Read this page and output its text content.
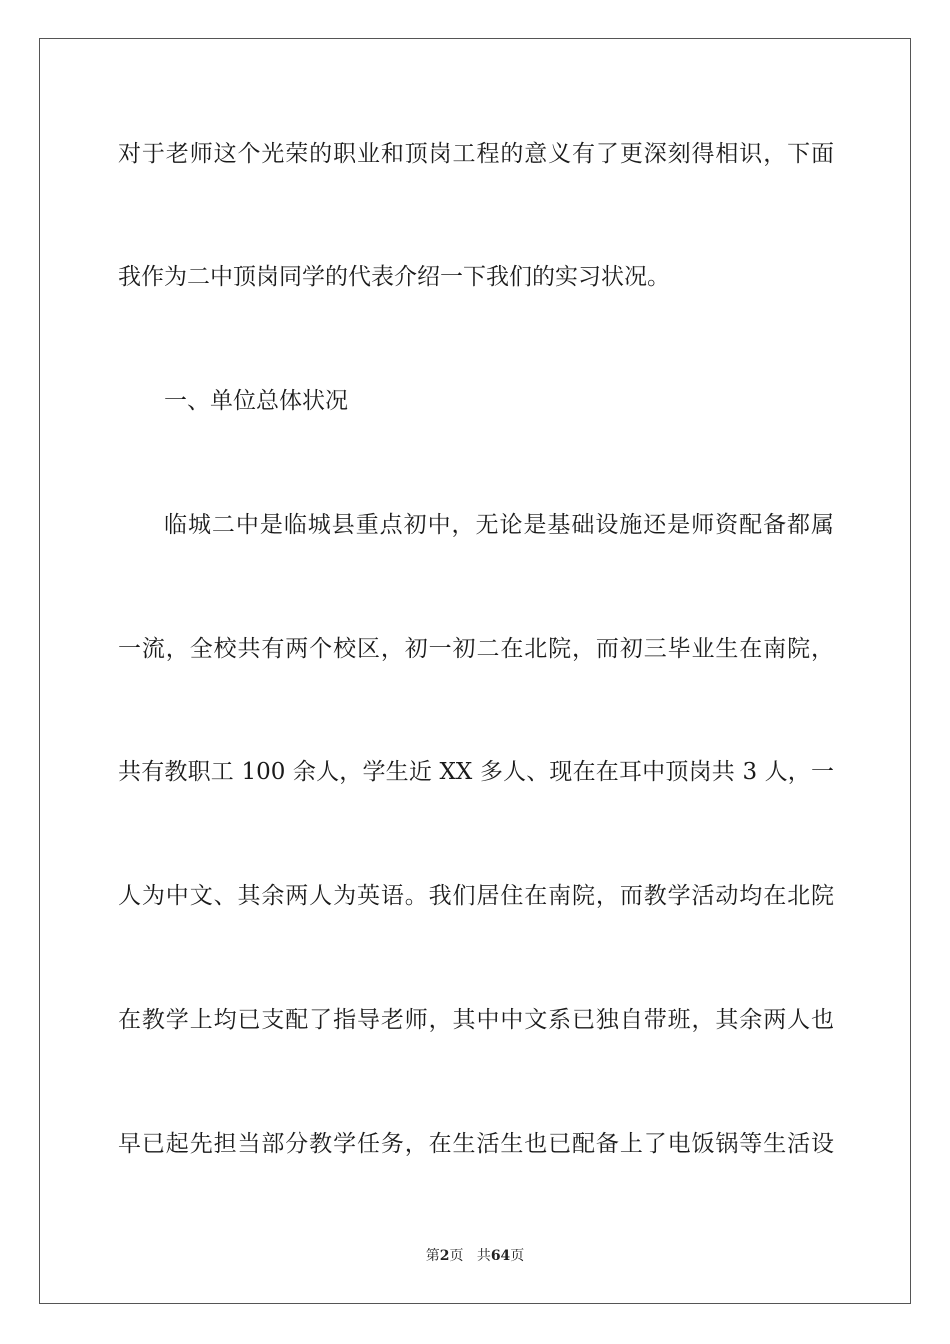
对于老师这个光荣的职业和顶岗工程的意义有了更深刻得相识，下面
我作为二中顶岗同学的代表介绍一下我们的实习状况。
一、单位总体状况
临城二中是临城县重点初中，无论是基础设施还是师资配备都属
一流，全校共有两个校区，初一初二在北院，而初三毕业生在南院，
共有教职工 100 余人，学生近 XX 多人、现在在耳中顶岗共 3 人，一
人为中文、其余两人为英语。我们居住在南院，而教学活动均在北院
在教学上均已支配了指导老师，其中中文系已独自带班，其余两人也
早已起先担当部分教学任务，在生活生也已配备上了电饭锅等生活设
第2页 共64页
